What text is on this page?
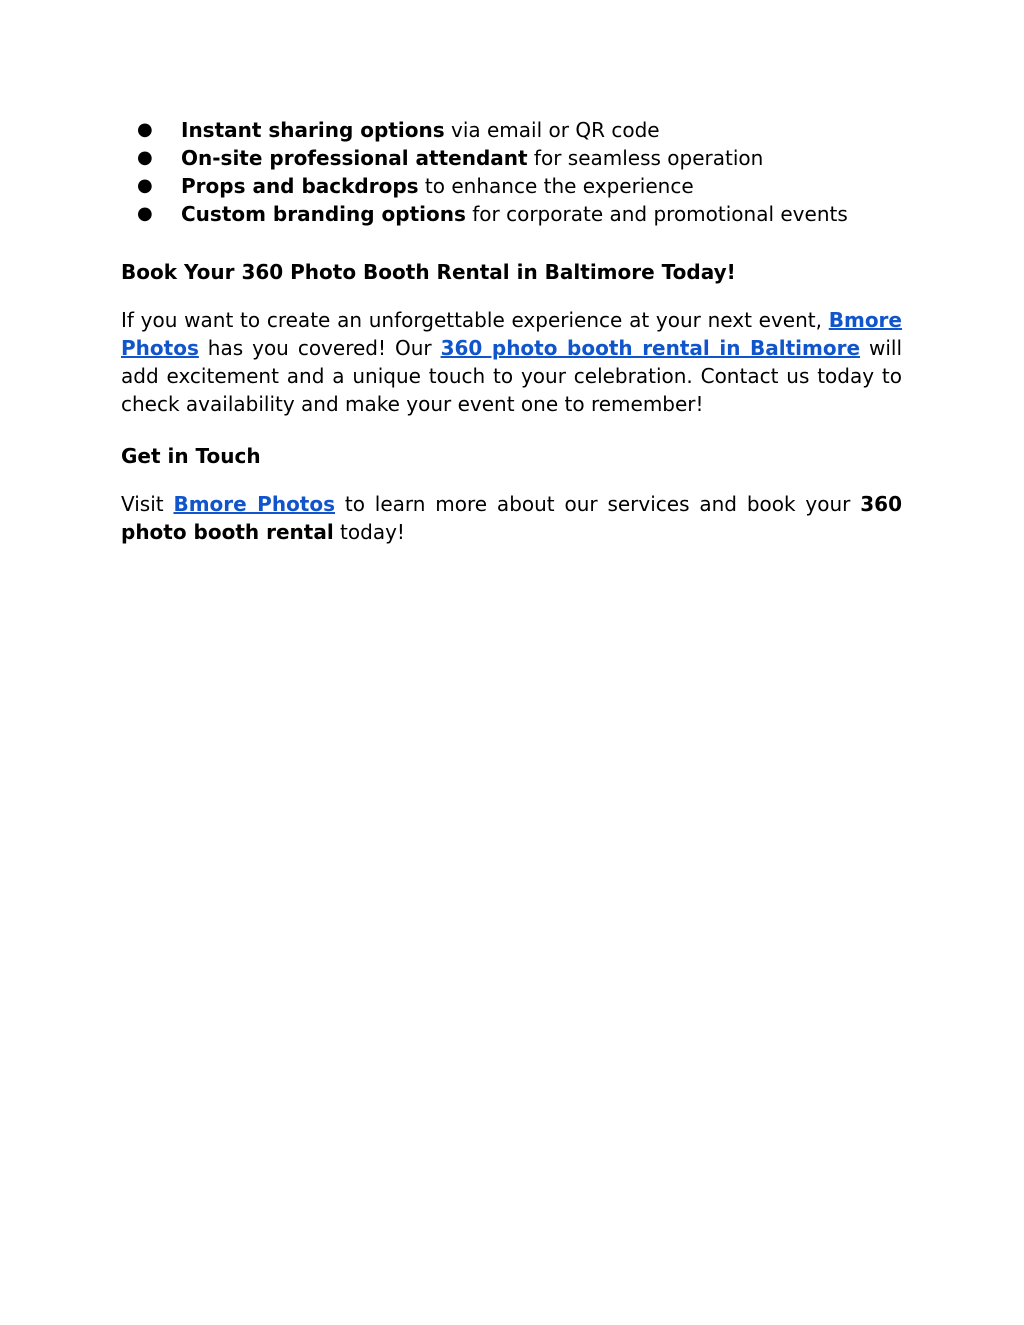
● Instant sharing options via email or QR code
● On-site professional attendant for seamless operation
● Props and backdrops to enhance the experience
● Custom branding options for corporate and promotional events
Book Your 360 Photo Booth Rental in Baltimore Today!

If you want to create an unforgettable experience at your next event, Bmore Photos has you covered! Our 360 photo booth rental in Baltimore will add excitement and a unique touch to your celebration. Contact us today to check availability and make your event one to remember!

Get in Touch

Visit Bmore Photos to learn more about our services and book your 360 photo booth rental today!
